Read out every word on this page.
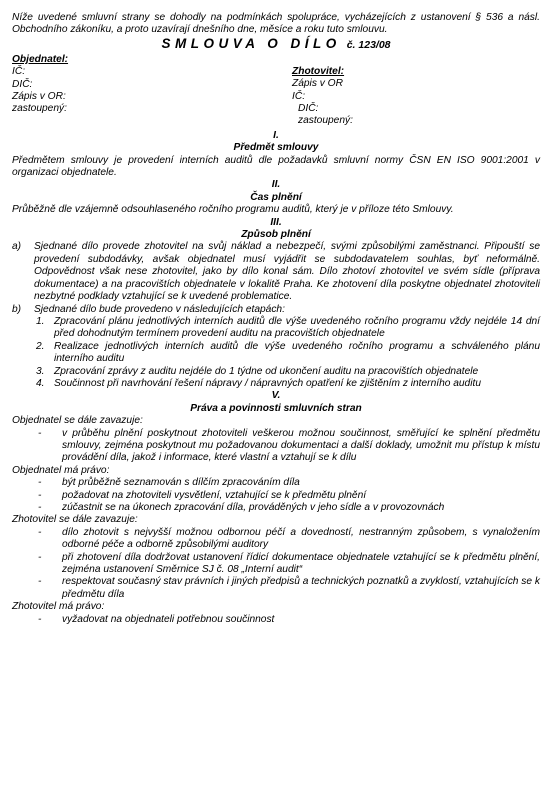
Níže uvedené smluvní strany se dohodly na podmínkách spolupráce, vycházejících z ustanovení § 536 a násl. Obchodního zákoníku, a proto uzavírají dnešního dne, měsíce a roku tuto smlouvu.
SMLOUVA O DÍLO č. 123/08
Objednatel:
IČ:
DIČ:
Zápis v OR:
zastoupený:
Zhotovitel:
Zápis v OR
IČ:
DIČ:
zastoupený:
I.
Předmět smlouvy
Předmětem smlouvy je provedení interních auditů dle požadavků smluvní normy ČSN EN ISO 9001:2001 v organizaci objednatele.
II.
Čas plnění
Průběžně dle vzájemně odsouhlaseného ročního programu auditů, který je v příloze této Smlouvy.
III.
Způsob plnění
a) Sjednané dílo provede zhotovitel na svůj náklad a nebezpečí, svými způsobilými zaměstnanci. Připouští se provedení subdodávky, avšak objednatel musí vyjádřit se subdodavatelem souhlas, byť neformálně. Odpovědnost však nese zhotovitel, jako by dílo konal sám. Dílo zhotoví zhotovitel ve svém sídle (příprava dokumentace) a na pracovištích objednatele v lokalitě Praha. Ke zhotovení díla poskytne objednatel zhotoviteli nezbytné podklady vztahující se k uvedené problematice.
b) Sjednané dílo bude provedeno v následujících etapách:
1. Zpracování plánu jednotlivých interních auditů dle výše uvedeného ročního programu vždy nejdéle 14 dní před dohodnutým termínem provedení auditu na pracovištích objednatele
2. Realizace jednotlivých interních auditů dle výše uvedeného ročního programu a schváleného plánu interního auditu
3. Zpracování zprávy z auditu nejdéle do 1 týdne od ukončení auditu na pracovištích objednatele
4. Součinnost při navrhování řešení nápravy / nápravných opatření ke zjištěním z interního auditu
V.
Práva a povinnosti smluvních stran
Objednatel se dále zavazuje:
- v průběhu plnění poskytnout zhotoviteli veškerou možnou součinnost, směřující ke splnění předmětu smlouvy, zejména poskytnout mu požadovanou dokumentaci a další doklady, umožnit mu přístup k místu provádění díla, jakož i informace, které vlastní a vztahují se k dílu
Objednatel má právo:
- být průběžně seznamován s dílčím zpracováním díla
- požadovat na zhotoviteli vysvětlení, vztahující se k předmětu plnění
- zúčastnit se na úkonech zpracování díla, prováděných v jeho sídle a v provozovnách
Zhotovitel se dále zavazuje:
- dílo zhotovit s nejvyšší možnou odbornou péčí a dovedností, nestranným způsobem, s vynaložením odborné péče a odborně způsobilými auditory
- při zhotovení díla dodržovat ustanovení řídicí dokumentace objednatele vztahující se k předmětu plnění, zejména ustanovení Směrnice SJ č. 08 „Interní audit“
- respektovat současný stav právních i jiných předpisů a technických poznatků a zvyklostí, vztahujících se k předmětu díla
Zhotovitel má právo:
- vyžadovat na objednateli potřebnou součinnost
